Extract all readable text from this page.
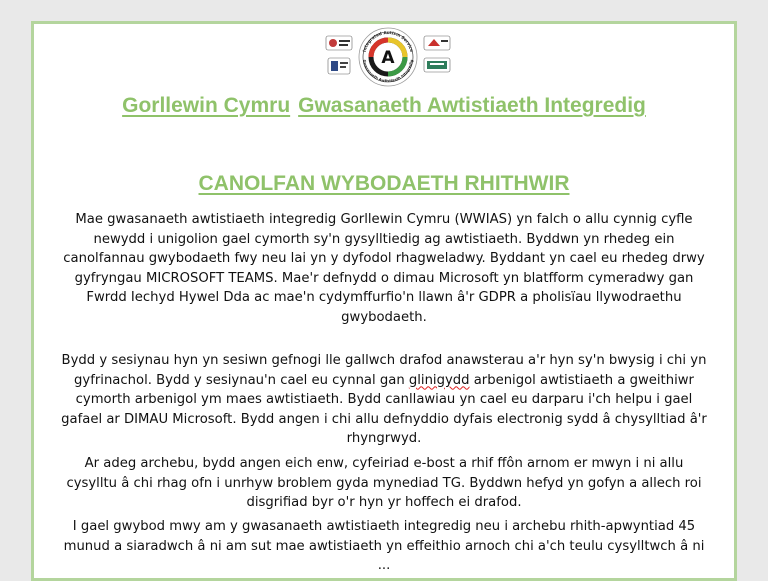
A
Integrated Autism Service
Gwasanaeth Awtistiaeth Integredig
Gorllewin Cymru Gwasanaeth Awtistiaeth Integredig
CANOLFAN WYBODAETH RHITHWIR

Mae gwasanaeth awtistiaeth integredig Gorllewin Cymru (WWIAS) yn falch o allu cynnig cyfle newydd i unigolion gael cymorth sy'n gysylltiedig ag awtistiaeth. Byddwn yn rhedeg ein canolfannau gwybodaeth fwy neu lai yn y dyfodol rhagweladwy. Byddant yn cael eu rhedeg drwy gyfryngau MICROSOFT TEAMS. Mae'r defnydd o dimau Microsoft yn blatfform cymeradwy gan Fwrdd Iechyd Hywel Dda ac mae'n cydymffurfio'n llawn â'r GDPR a pholisïau llywodraethu gwybodaeth.

Bydd y sesiynau hyn yn sesiwn gefnogi lle gallwch drafod anawsterau a'r hyn sy'n bwysig i chi yn gyfrinachol. Bydd y sesiynau'n cael eu cynnal gan glinigydd arbenigol awtistiaeth a gweithiwr cymorth arbenigol ym maes awtistiaeth. Bydd canllawiau yn cael eu darparu i'ch helpu i gael gafael ar DIMAU Microsoft. Bydd angen i chi allu defnyddio dyfais electronig sydd â chysylltiad â'r rhyngrwyd.

Ar adeg archebu, bydd angen eich enw, cyfeiriad e-bost a rhif ffôn arnom er mwyn i ni allu cysylltu â chi rhag ofn i unrhyw broblem gyda mynediad TG. Byddwn hefyd yn gofyn a allech roi disgrifiad byr o'r hyn yr hoffech ei drafod.

I gael gwybod mwy am y gwasanaeth awtistiaeth integredig neu i archebu rhith-apwyntiad 45 munud a siaradwch â ni am sut mae awtistiaeth yn effeithio arnoch chi a'ch teulu cysylltwch â ni ...
